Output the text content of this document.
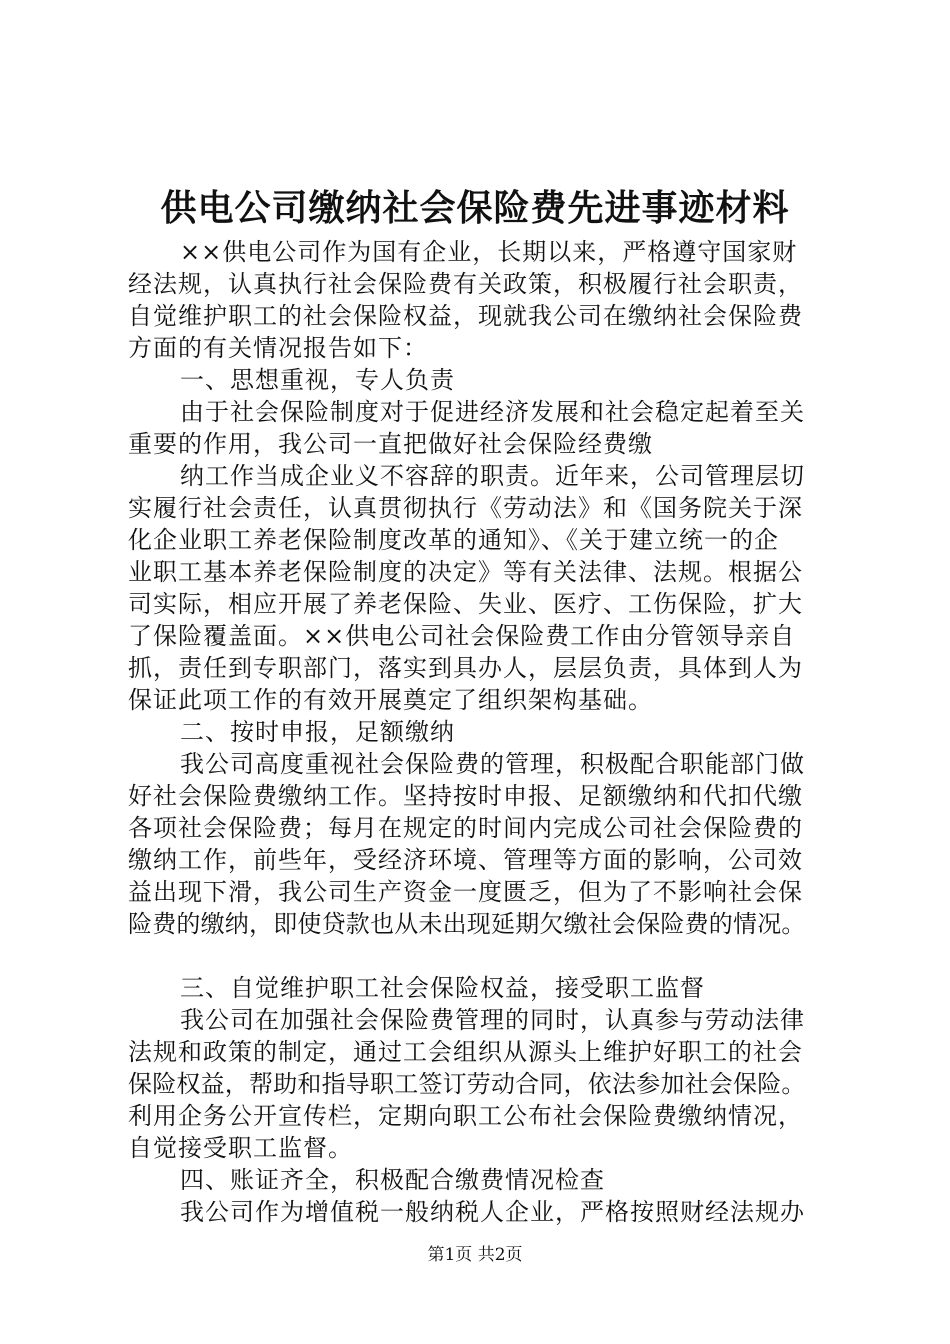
供电公司缴纳社会保险费先进事迹材料
××供电公司作为国有企业，长期以来，严格遵守国家财
经法规，认真执行社会保险费有关政策，积极履行社会职责，
自觉维护职工的社会保险权益，现就我公司在缴纳社会保险费
方面的有关情况报告如下：
一、思想重视，专人负责
由于社会保险制度对于促进经济发展和社会稳定起着至关
重要的作用，我公司一直把做好社会保险经费缴
纳工作当成企业义不容辞的职责。近年来，公司管理层切
实履行社会责任，认真贯彻执行《劳动法》和《国务院关于深
化企业职工养老保险制度改革的通知》、《关于建立统一的企
业职工基本养老保险制度的决定》等有关法律、法规。根据公
司实际，相应开展了养老保险、失业、医疗、工伤保险，扩大
了保险覆盖面。××供电公司社会保险费工作由分管领导亲自
抓，责任到专职部门，落实到具办人，层层负责，具体到人为
保证此项工作的有效开展奠定了组织架构基础。
二、按时申报，足额缴纳
我公司高度重视社会保险费的管理，积极配合职能部门做
好社会保险费缴纳工作。坚持按时申报、足额缴纳和代扣代缴
各项社会保险费；每月在规定的时间内完成公司社会保险费的
缴纳工作，前些年，受经济环境、管理等方面的影响，公司效
益出现下滑，我公司生产资金一度匮乏，但为了不影响社会保
险费的缴纳，即使贷款也从未出现延期欠缴社会保险费的情况。
三、自觉维护职工社会保险权益，接受职工监督
我公司在加强社会保险费管理的同时，认真参与劳动法律
法规和政策的制定，通过工会组织从源头上维护好职工的社会
保险权益，帮助和指导职工签订劳动合同，依法参加社会保险。
利用企务公开宣传栏，定期向职工公布社会保险费缴纳情况，
自觉接受职工监督。
四、账证齐全，积极配合缴费情况检查
我公司作为增值税一般纳税人企业，严格按照财经法规办

第1页 共2页
